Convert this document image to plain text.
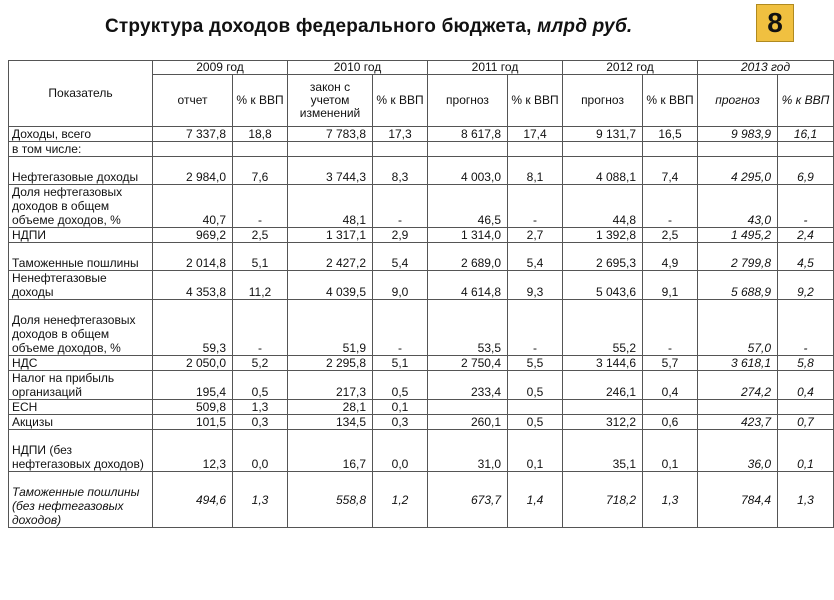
Структура доходов федерального бюджета, млрд руб.	8
Показатель	2009 год		2010 год		2011 год		2012 год		2013 год	
	отчет	% к ВВП	закон с учетом изменений	% к ВВП	прогноз	% к ВВП	прогноз	% к ВВП	прогноз	% к ВВП
Доходы, всего	7 337,8	18,8	7 783,8	17,3	8 617,8	17,4	9 131,7	16,5	9 983,9	16,1
в том числе:										
Нефтегазовые доходы	2 984,0	7,6	3 744,3	8,3	4 003,0	8,1	4 088,1	7,4	4 295,0	6,9
Доля нефтегазовых доходов в общем объеме доходов, %	40,7	-	48,1	-	46,5	-	44,8	-	43,0	-
НДПИ	969,2	2,5	1 317,1	2,9	1 314,0	2,7	1 392,8	2,5	1 495,2	2,4
Таможенные пошлины	2 014,8	5,1	2 427,2	5,4	2 689,0	5,4	2 695,3	4,9	2 799,8	4,5
Ненефтегазовые доходы	4 353,8	11,2	4 039,5	9,0	4 614,8	9,3	5 043,6	9,1	5 688,9	9,2
Доля ненефтегазовых доходов в общем объеме доходов, %	59,3	-	51,9	-	53,5	-	55,2	-	57,0	-
НДС	2 050,0	5,2	2 295,8	5,1	2 750,4	5,5	3 144,6	5,7	3 618,1	5,8
Налог на прибыль организаций	195,4	0,5	217,3	0,5	233,4	0,5	246,1	0,4	274,2	0,4
ЕСН	509,8	1,3	28,1	0,1						
Акцизы	101,5	0,3	134,5	0,3	260,1	0,5	312,2	0,6	423,7	0,7
НДПИ (без нефтегазовых доходов)	12,3	0,0	16,7	0,0	31,0	0,1	35,1	0,1	36,0	0,1
Таможенные пошлины (без нефтегазовых доходов)	494,6	1,3	558,8	1,2	673,7	1,4	718,2	1,3	784,4	1,3
